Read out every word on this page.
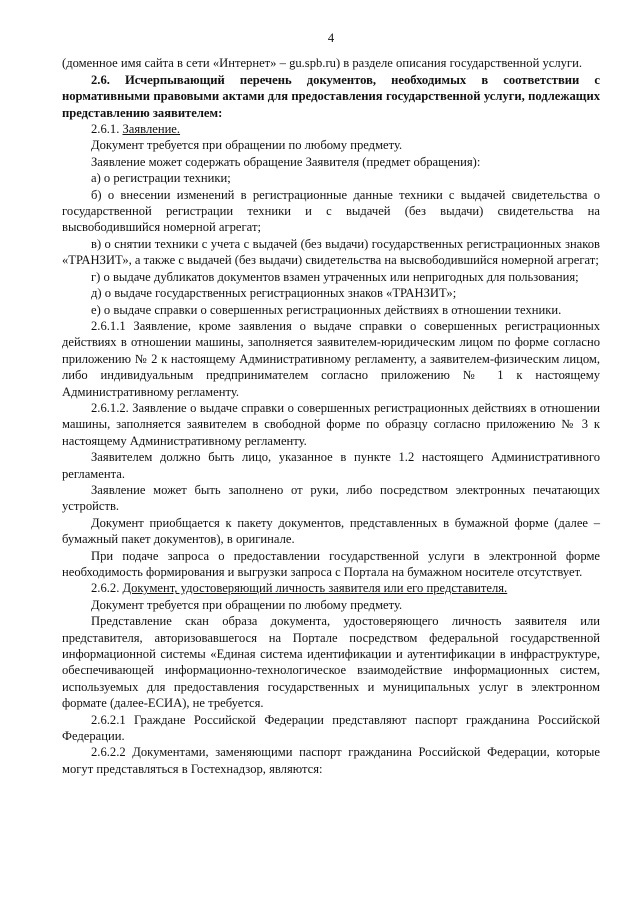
4

(доменное имя сайта в сети «Интернет» – gu.spb.ru) в разделе описания государственной услуги.

2.6. Исчерпывающий перечень документов, необходимых в соответствии с нормативными правовыми актами для предоставления государственной услуги, подлежащих представлению заявителем:

2.6.1. Заявление.

Документ требуется при обращении по любому предмету.

Заявление может содержать обращение Заявителя (предмет обращения):

а) о регистрации техники;

б) о внесении изменений в регистрационные данные техники с выдачей свидетельства о государственной регистрации техники и с выдачей (без выдачи) свидетельства на высвободившийся номерной агрегат;

в) о снятии техники с учета с выдачей (без выдачи) государственных регистрационных знаков «ТРАНЗИТ», а также с выдачей (без выдачи) свидетельства на высвободившийся номерной агрегат;

г) о выдаче дубликатов документов взамен утраченных или непригодных для пользования;

д) о выдаче государственных регистрационных знаков «ТРАНЗИТ»;

е) о выдаче справки о совершенных регистрационных действиях в отношении техники.

2.6.1.1 Заявление, кроме заявления о выдаче справки о совершенных регистрационных действиях в отношении машины, заполняется заявителем-юридическим лицом по форме согласно приложению № 2 к настоящему Административному регламенту, а заявителем-физическим лицом, либо индивидуальным предпринимателем согласно приложению № 1 к настоящему Административному регламенту.

2.6.1.2. Заявление о выдаче справки о совершенных регистрационных действиях в отношении машины, заполняется заявителем в свободной форме по образцу согласно приложению № 3 к настоящему Административному регламенту.

Заявителем должно быть лицо, указанное в пункте 1.2 настоящего Административного регламента.

Заявление может быть заполнено от руки, либо посредством электронных печатающих устройств.

Документ приобщается к пакету документов, представленных в бумажной форме (далее – бумажный пакет документов), в оригинале.

При подаче запроса о предоставлении государственной услуги в электронной форме необходимость формирования и выгрузки запроса с Портала на бумажном носителе отсутствует.

2.6.2. Документ, удостоверяющий личность заявителя или его представителя.

Документ требуется при обращении по любому предмету.

Представление скан образа документа, удостоверяющего личность заявителя или представителя, авторизовавшегося на Портале посредством федеральной государственной информационной системы «Единая система идентификации и аутентификации в инфраструктуре, обеспечивающей информационно-технологическое взаимодействие информационных систем, используемых для предоставления государственных и муниципальных услуг в электронном формате (далее-ЕСИА), не требуется.

2.6.2.1 Граждане Российской Федерации представляют паспорт гражданина Российской Федерации.

2.6.2.2 Документами, заменяющими паспорт гражданина Российской Федерации, которые могут представляться в Гостехнадзор, являются:
